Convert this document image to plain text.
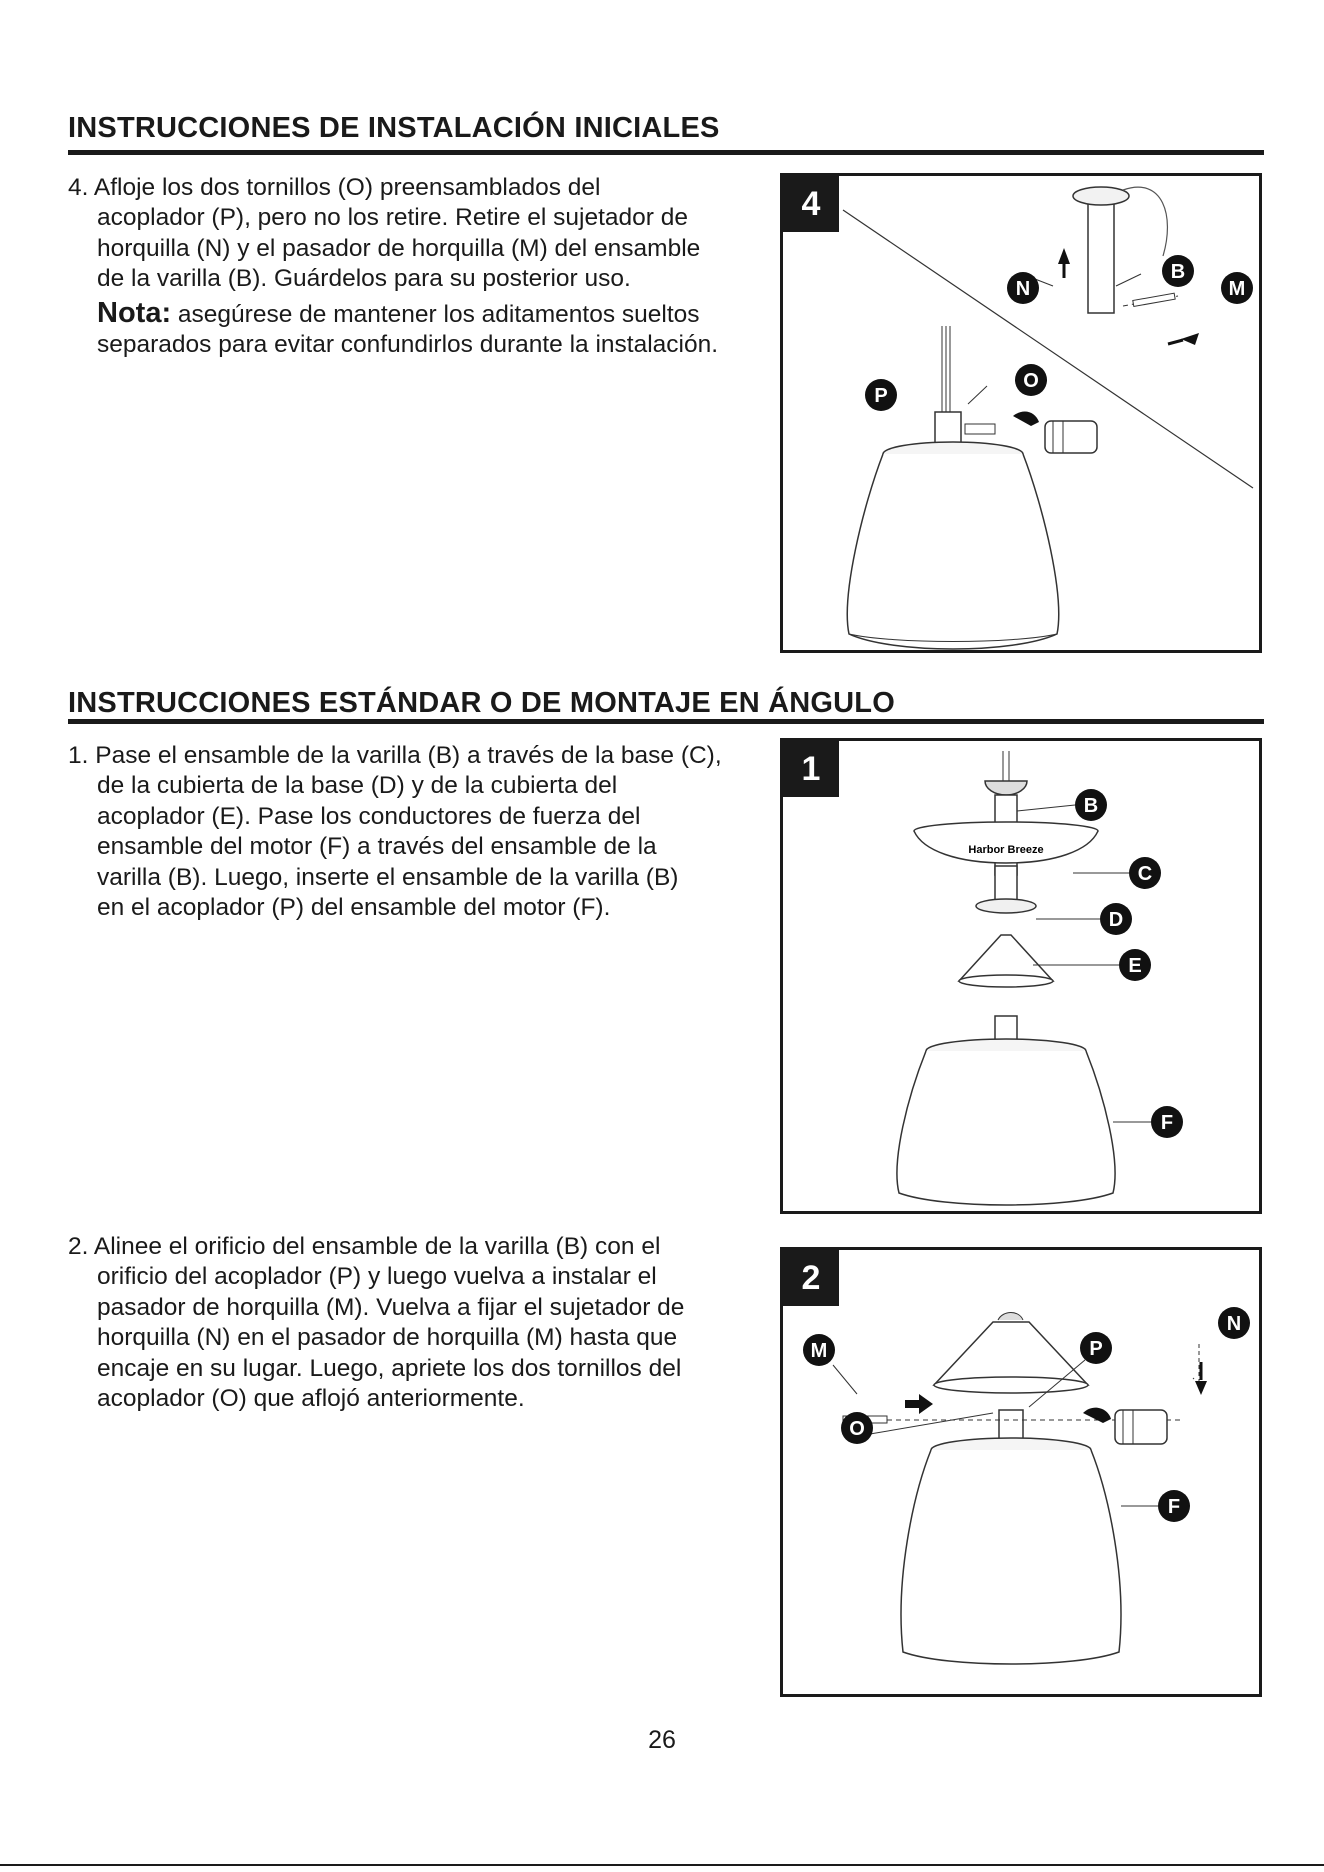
INSTRUCCIONES DE INSTALACIÓN INICIALES
4. Afloje los dos tornillos (O) preensamblados del
acoplador (P), pero no los retire. Retire el sujetador de
horquilla (N) y el pasador de horquilla (M) del ensamble
de la varilla (B). Guárdelos para su posterior uso.
Nota: asegúrese de mantener los aditamentos sueltos
separados para evitar confundirlos durante la instalación.
4
N
B
M
P
O
INSTRUCCIONES ESTÁNDAR O DE MONTAJE EN ÁNGULO
1. Pase el ensamble de la varilla (B) a través de la base (C),
de la cubierta de la base (D) y de la cubierta del
acoplador (E). Pase los conductores de fuerza del
ensamble del motor (F) a través del ensamble de la
varilla (B). Luego, inserte el ensamble de la varilla (B)
en el acoplador (P) del ensamble del motor (F).
1
Harbor Breeze
B
C
D
E
F
2. Alinee el orificio del ensamble de la varilla (B) con el
orificio del acoplador (P) y luego vuelva a instalar el
pasador de horquilla (M). Vuelva a fijar el sujetador de
horquilla (N) en el pasador de horquilla (M) hasta que
encaje en su lugar. Luego, apriete los dos tornillos del
acoplador (O) que aflojó anteriormente.
2
M	P
N
O
F
26
